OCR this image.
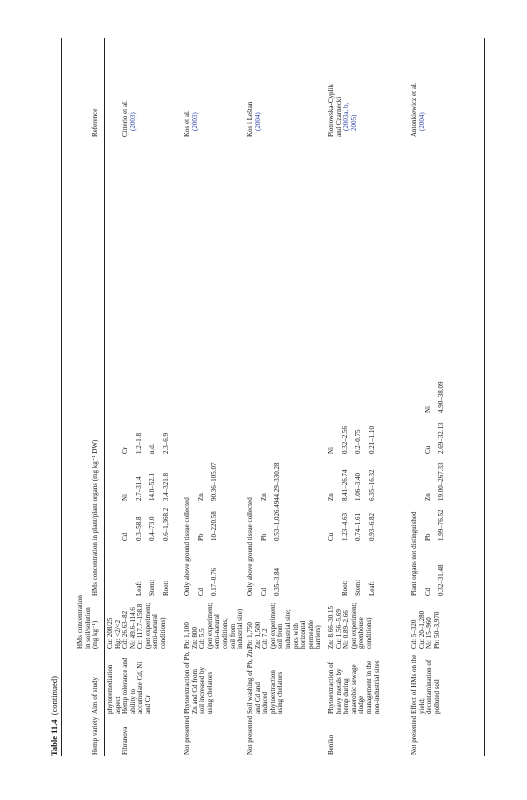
Table 11.4  (continued)
Hemp variety
Aim of study
HMs concentration in soil/solution (mg kg⁻¹)
HMs concentration in plant/plant organs (mg kg⁻¹ DW)
Reference
phytoremediation aspect
Cu: 208/25 Hg: <2/<2
Fibranova
Hemp tolerance and ability to accumulate Cd, Ni and Cr
Cd: 26.63–82 Ni: 49.6–114.6 Cr: 117.7–158.8 (pot experiment; semi-natural conditions)
Cd
Ni
Cr
Leaf:
0.3–58.8
2.7–31.4
1.2–1.8
Stem:
0.4–73.0
14.0–52.1
n.d.
Root:
0.6–1,368.2
3.4–321.8
2.3–6.9
Citterio et al. (2003)
Not presented
Phytoextraction of Pb, Zn and Cd from soil increased by using chelators
Pb: 1,100 Zn: 800 Cd: 5.5 (pot experiment; semi-natural conditions, soil from industrial site)
Only above ground tissue collected Cd
Pb
Zn
0.17–0.76
10–220.58
90.36–105.07
Kos et al. (2003)
Not presented
Soil washing of Pb, Zn, and Cd and induced phytoextraction using chelators
Pb: 1,750 Zn: 1,500 Cd: 7.2 (pot experiment; soil from industrial site; pots with horizontal permeable barriers)
Only above ground tissue collected Cd
Pb
Zn
0.35–3.84
0.53–1,026.49
44.29–330.28
Kos i Leštan (2004)
Beniko
Phytoextraction of heavy metals by hemp during anaerobic sewage sludge management in the non-industrial sites
Zn: 8.66–30.15 Cu: 1.56–5.69 Ni: 0.89–2.66 (pot experiment; greenhouse conditions)
Cu
Zn
Ni
Root:
1.23–4.63
8.41–26.74
0.32–2.56
Stem:
0.74–1.61
1.06–3.40
0.2–0.75
Leaf:
0.93–6.82
6.35–16.32
0.21–1.10
Piotrowska-Cyplik and Czarnecki (2003a, b, 2005)
Not presented
Effect of HMs on the yield; decontamination of polluted soil
Cd: 5–320 Cu: 20–1,280 Ni: 15–960 Pb: 50–3,970
Plant organs not distinguished Cd
Pb
Zn
Cu
Ni
0.32–31.48
1.99–76.52
19.00–267.33
2.69–32.13
4.90–38.09
Antonkiewicz et al. (2004)
